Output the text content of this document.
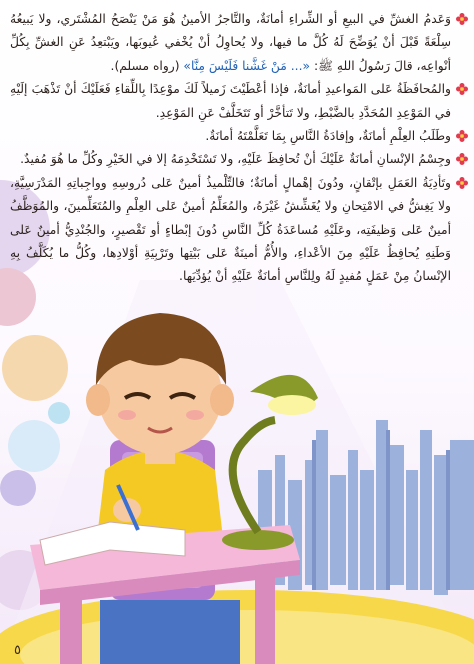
وَعَدمُ الغشِّ في البيعِ أو الشِّراءِ أمانَةٌ، والتَّاجرُ الأمينُ هُوَ مَنْ يَنْصَحُ المُشْتَري، ولا يَبيعُهُ سِلْعَةً قَبْلَ أنْ يُوَضِّحَ لَهُ كُلَّ ما فيها، ولا يُحاوِلُ أنْ يُخْفي عُيوبَها، ويَبْتعِدُ عَنِ الغشِّ بِكُلِّ أنْواعِه، قالَ رَسُولُ اللهِ ﷺ: «... مَنْ غَشَّنا فَلَيْسَ مِنَّا» (رواه مسلم).
والمُحافَظَةُ عَلى المَواعيدِ أمانَةٌ، فإذا أعْطَيْتَ زَميلاً لَكَ موْعِدًا بِاللِّقاءِ فَعَلَيْكَ أنْ تَذْهَبَ إلَيْهِ في المَوْعِدِ المُحَدَّدِ بالضَّبْطِ، ولا تَتأخَّرْ أو تَتَخَلَّفْ عَنِ المَوْعِدِ.
وطَلَبُ العِلْمِ أمانَةٌ، وإفادَةُ النَّاسِ بِمَا تَعَلَّمْتَهُ أمانَةٌ.
وجِسْمُ الإنْسانِ أمانَةٌ عَلَيْكَ أنْ تُحافِظَ عَلَيْهِ، ولا تَسْتَخْدِمَهُ إلا في الخَيْرِ وكُلِّ ما هُوَ مُفيدٌ.
وتَأدِيَةُ العَمَلِ بإتْقانٍ، ودُونَ إهْمالٍ أمانَةٌ؛ فالتِّلْميذُ أمينٌ عَلى دُروسِهِ وواجِباتِهِ المَدْرَسِيَّةِ، ولا يَغِشُّ في الامْتِحانِ ولا يُغَشِّشُ غَيْرَهُ، والمُعَلِّمُ أمينٌ عَلى العِلْمِ والمُتَعَلِّمينَ، والمُوَظَّفُ أمينٌ عَلى وَظيفَتِه، وعَلَيْهِ مُساعَدَةُ كُلِّ النَّاسِ دُونَ إبْطاءٍ أو تَقْصيرٍ، والجُنْدِيُّ أمينٌ عَلى وَطَنِهِ يُحافِظُ عَلَيْهِ مِنَ الأعْداءِ، والأُمُّ أمينَةٌ عَلى بَيْتِها وتَرْبِيَةِ أوْلادِها، وكُلُّ ما يُكَلَّفُ بِهِ الإنْسانُ مِنْ عَمَلٍ مُفيدٍ لَهُ ولِلنَّاسِ أمانَةٌ عَلَيْهِ أنْ يُؤدِّيَها.
٥
